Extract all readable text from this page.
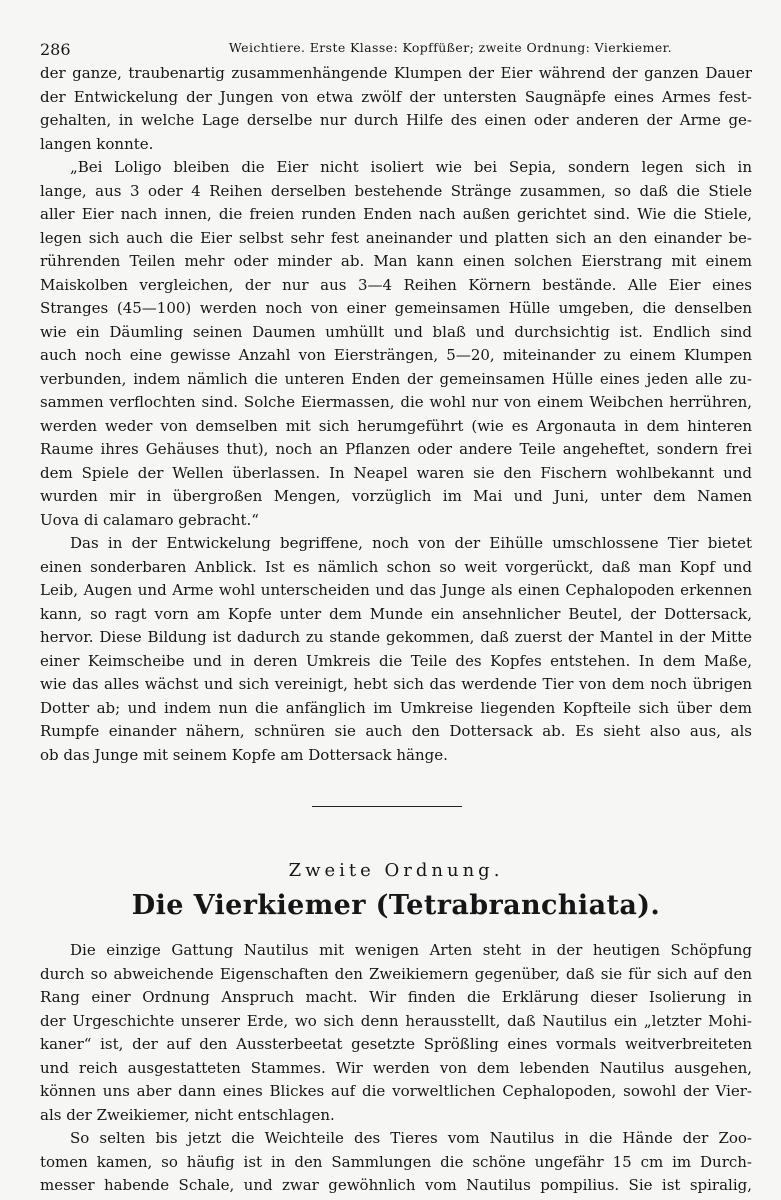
286	Weichtiere. Erste Klasse: Kopffüßer; zweite Ordnung: Vierkiemer.
der ganze, traubenartig zusammenhängende Klumpen der Eier während der ganzen Dauer
der Entwickelung der Jungen von etwa zwölf der untersten Saugnäpfe eines Armes fest-
gehalten, in welche Lage derselbe nur durch Hilfe des einen oder anderen der Arme ge-
langen konnte.
„Bei Loligo bleiben die Eier nicht isoliert wie bei Sepia, sondern legen sich in
lange, aus 3 oder 4 Reihen derselben bestehende Stränge zusammen, so daß die Stiele
aller Eier nach innen, die freien runden Enden nach außen gerichtet sind. Wie die Stiele,
legen sich auch die Eier selbst sehr fest aneinander und platten sich an den einander be-
rührenden Teilen mehr oder minder ab. Man kann einen solchen Eierstrang mit einem
Maiskolben vergleichen, der nur aus 3—4 Reihen Körnern bestände. Alle Eier eines
Stranges (45—100) werden noch von einer gemeinsamen Hülle umgeben, die denselben
wie ein Däumling seinen Daumen umhüllt und blaß und durchsichtig ist. Endlich sind
auch noch eine gewisse Anzahl von Eiersträngen, 5—20, miteinander zu einem Klumpen
verbunden, indem nämlich die unteren Enden der gemeinsamen Hülle eines jeden alle zu-
sammen verflochten sind. Solche Eiermassen, die wohl nur von einem Weibchen herrühren,
werden weder von demselben mit sich herumgeführt (wie es Argonauta in dem hinteren
Raume ihres Gehäuses thut), noch an Pflanzen oder andere Teile angeheftet, sondern frei
dem Spiele der Wellen überlassen. In Neapel waren sie den Fischern wohlbekannt und
wurden mir in übergroßen Mengen, vorzüglich im Mai und Juni, unter dem Namen
Uova di calamaro gebracht.“
Das in der Entwickelung begriffene, noch von der Eihülle umschlossene Tier bietet
einen sonderbaren Anblick. Ist es nämlich schon so weit vorgerückt, daß man Kopf und
Leib, Augen und Arme wohl unterscheiden und das Junge als einen Cephalopoden erkennen
kann, so ragt vorn am Kopfe unter dem Munde ein ansehnlicher Beutel, der Dottersack,
hervor. Diese Bildung ist dadurch zu stande gekommen, daß zuerst der Mantel in der Mitte
einer Keimscheibe und in deren Umkreis die Teile des Kopfes entstehen. In dem Maße,
wie das alles wächst und sich vereinigt, hebt sich das werdende Tier von dem noch übrigen
Dotter ab; und indem nun die anfänglich im Umkreise liegenden Kopfteile sich über dem
Rumpfe einander nähern, schnüren sie auch den Dottersack ab. Es sieht also aus, als
ob das Junge mit seinem Kopfe am Dottersack hänge.
Zweite Ordnung.
Die Vierkiemer (Tetrabranchiata).
Die einzige Gattung Nautilus mit wenigen Arten steht in der heutigen Schöpfung
durch so abweichende Eigenschaften den Zweikiemern gegenüber, daß sie für sich auf den
Rang einer Ordnung Anspruch macht. Wir finden die Erklärung dieser Isolierung in
der Urgeschichte unserer Erde, wo sich denn herausstellt, daß Nautilus ein „letzter Mohi-
kaner“ ist, der auf den Aussterbeetat gesetzte Sprößling eines vormals weitverbreiteten
und reich ausgestatteten Stammes. Wir werden von dem lebenden Nautilus ausgehen,
können uns aber dann eines Blickes auf die vorweltlichen Cephalopoden, sowohl der Vier-
als der Zweikiemer, nicht entschlagen.
So selten bis jetzt die Weichteile des Tieres vom Nautilus in die Hände der Zoo-
tomen kamen, so häufig ist in den Sammlungen die schöne ungefähr 15 cm im Durch-
messer habende Schale, und zwar gewöhnlich vom Nautilus pompilius. Sie ist spiralig,
